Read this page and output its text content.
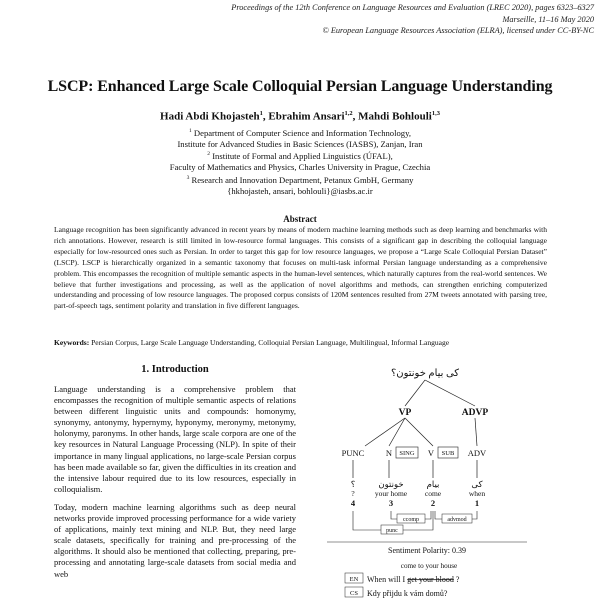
Proceedings of the 12th Conference on Language Resources and Evaluation (LREC 2020), pages 6323–6327
Marseille, 11–16 May 2020
© European Language Resources Association (ELRA), licensed under CC-BY-NC
LSCP: Enhanced Large Scale Colloquial Persian Language Understanding
Hadi Abdi Khojasteh$^1$, Ebrahim Ansari$^{1,2}$, Mahdi Bohlouli$^{1,3}$
$^1$ Department of Computer Science and Information Technology,
Institute for Advanced Studies in Basic Sciences (IASBS), Zanjan, Iran
$^2$ Institute of Formal and Applied Linguistics (ÚFAL),
Faculty of Mathematics and Physics, Charles University in Prague, Czechia
$^3$ Research and Innovation Department, Petanux GmbH, Germany
{hkhojasteh, ansari, bohlouli}@iasbs.ac.ir
Abstract
Language recognition has been significantly advanced in recent years by means of modern machine learning methods such as deep learning and benchmarks with rich annotations. However, research is still limited in low-resource formal languages. This consists of a significant gap in describing the colloquial language especially for low-resourced ones such as Persian. In order to target this gap for low resource languages, we propose a “Large Scale Colloquial Persian Dataset” (LSCP). LSCP is hierarchically organized in a semantic taxonomy that focuses on multi-task informal Persian language understanding as a comprehensive problem. This encompasses the recognition of multiple semantic aspects in the human-level sentences, which naturally captures from the real-world sentences. We believe that further investigations and processing, as well as the application of novel algorithms and methods, can strengthen enriching computerized understanding and processing of low resource languages. The proposed corpus consists of 120M sentences resulted from 27M tweets annotated with parsing tree, part-of-speech tags, sentiment polarity and translation in five different languages.
Keywords: Persian Corpus, Large Scale Language Understanding, Colloquial Persian Language, Multilingual, Informal Language
1. Introduction

Language understanding is a comprehensive problem that encompasses the recognition of multiple semantic aspects of relations between different linguistic units and compounds: homonymy, synonymy, antonymy, hypernymy, hyponymy, meronymy, metonymy, holonymy, paronyms. In other hands, large scale corpora are one of the key resources in Natural Language Processing (NLP). In spite of their importance in many lingual applications, no large-scale Persian corpus has been made available so far, given the difficulties in its creation and the intensive labour required due to its low resources, especially in colloquialism.

Today, modern machine learning algorithms such as deep neural networks provide improved processing performance for a wide variety of applications, mainly text mining and NLP. But, they need large scale datasets, specifically for training and pre-processing of the algorithms. It should also be mentioned that collecting, preparing, pre-processing and annotating large-scale datasets from social media and web

کی بیام خونتون؟
VP	ADVP
PUNC	N SING V SUB ADV
؟
?
4
خونتون
your home
3
بیام
come
2
کی
when
1
ccomp	advmod
punc
Sentiment Polarity: 0.39
come to your house
EN When will I get your blood ?
CS Kdy přijdu k vám domů?
